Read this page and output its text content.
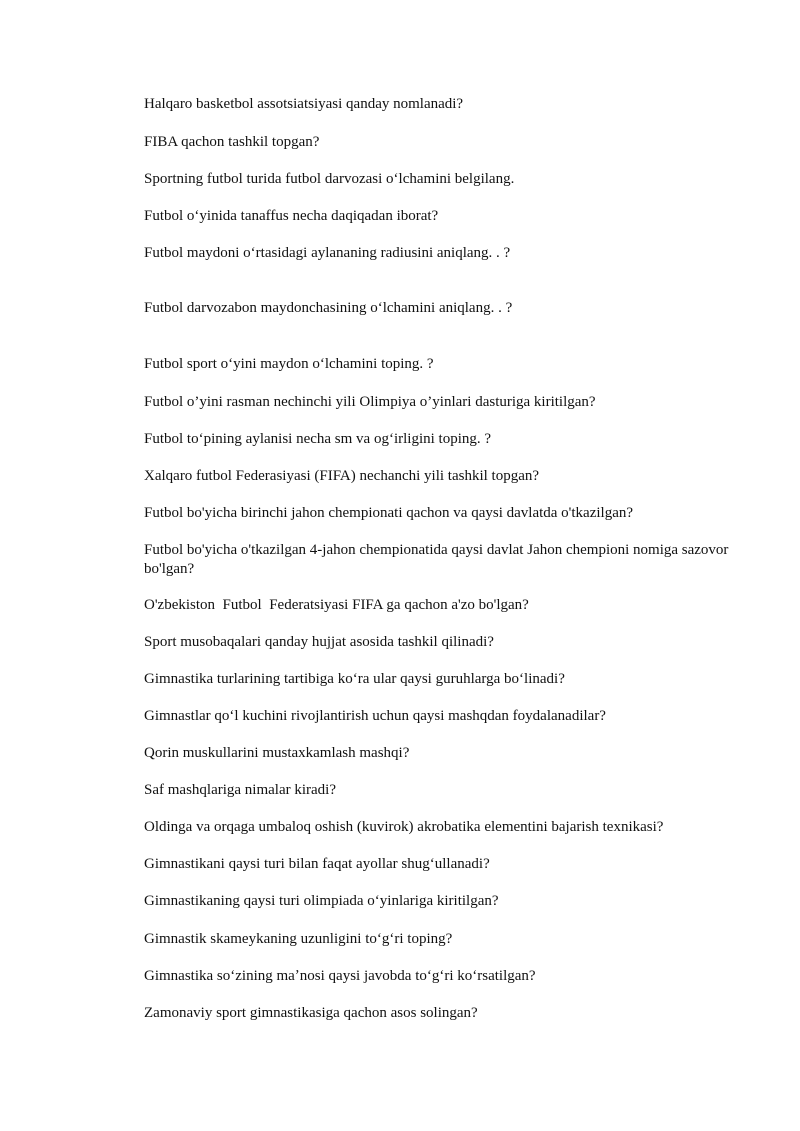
Halqaro basketbol assotsiatsiyasi qanday nomlanadi?
FIBA qachon tashkil topgan?
Sportning futbol turida futbol darvozasi oʻlchamini belgilang.
Futbol oʻyinida tanaffus necha daqiqadan iborat?
Futbol maydoni oʻrtasidagi aylananing radiusini aniqlang. . ?
Futbol darvozabon maydonchasining oʻlchamini aniqlang. . ?
Futbol sport oʻyini maydon oʻlchamini toping. ?
Futbol o’yini rasman nechinchi yili Olimpiya o’yinlari dasturiga kiritilgan?
Futbol toʻpining aylanisi necha sm va ogʻirligini toping. ?
Xalqaro futbol Federasiyasi (FIFA) nechanchi yili tashkil topgan?
Futbol bo'yicha birinchi jahon chempionati qachon va qaysi davlatda o'tkazilgan?
Futbol bo'yicha o'tkazilgan 4-jahon chempionatida qaysi davlat Jahon chempioni nomiga sazovor bo'lgan?
O'zbekiston  Futbol  Federatsiyasi FIFA ga qachon a'zo bo'lgan?
Sport musobaqalari qanday hujjat asosida tashkil qilinadi?
Gimnastika turlarining tartibiga koʻra ular qaysi guruhlarga boʻlinadi?
Gimnastlar qoʻl kuchini rivojlantirish uchun qaysi mashqdan foydalanadilar?
Qorin muskullarini mustaxkamlash mashqi?
Saf mashqlariga nimalar kiradi?
Oldinga va orqaga umbaloq oshish (kuvirok) akrobatika elementini bajarish texnikasi?
Gimnastikani qaysi turi bilan faqat ayollar shugʻullanadi?
Gimnastikaning qaysi turi olimpiada oʻyinlariga kiritilgan?
Gimnastik skameykaning uzunligini toʻgʻri toping?
Gimnastika soʻzining maʼnosi qaysi javobda toʻgʻri koʻrsatilgan?
Zamonaviy sport gimnastikasiga qachon asos solingan?
